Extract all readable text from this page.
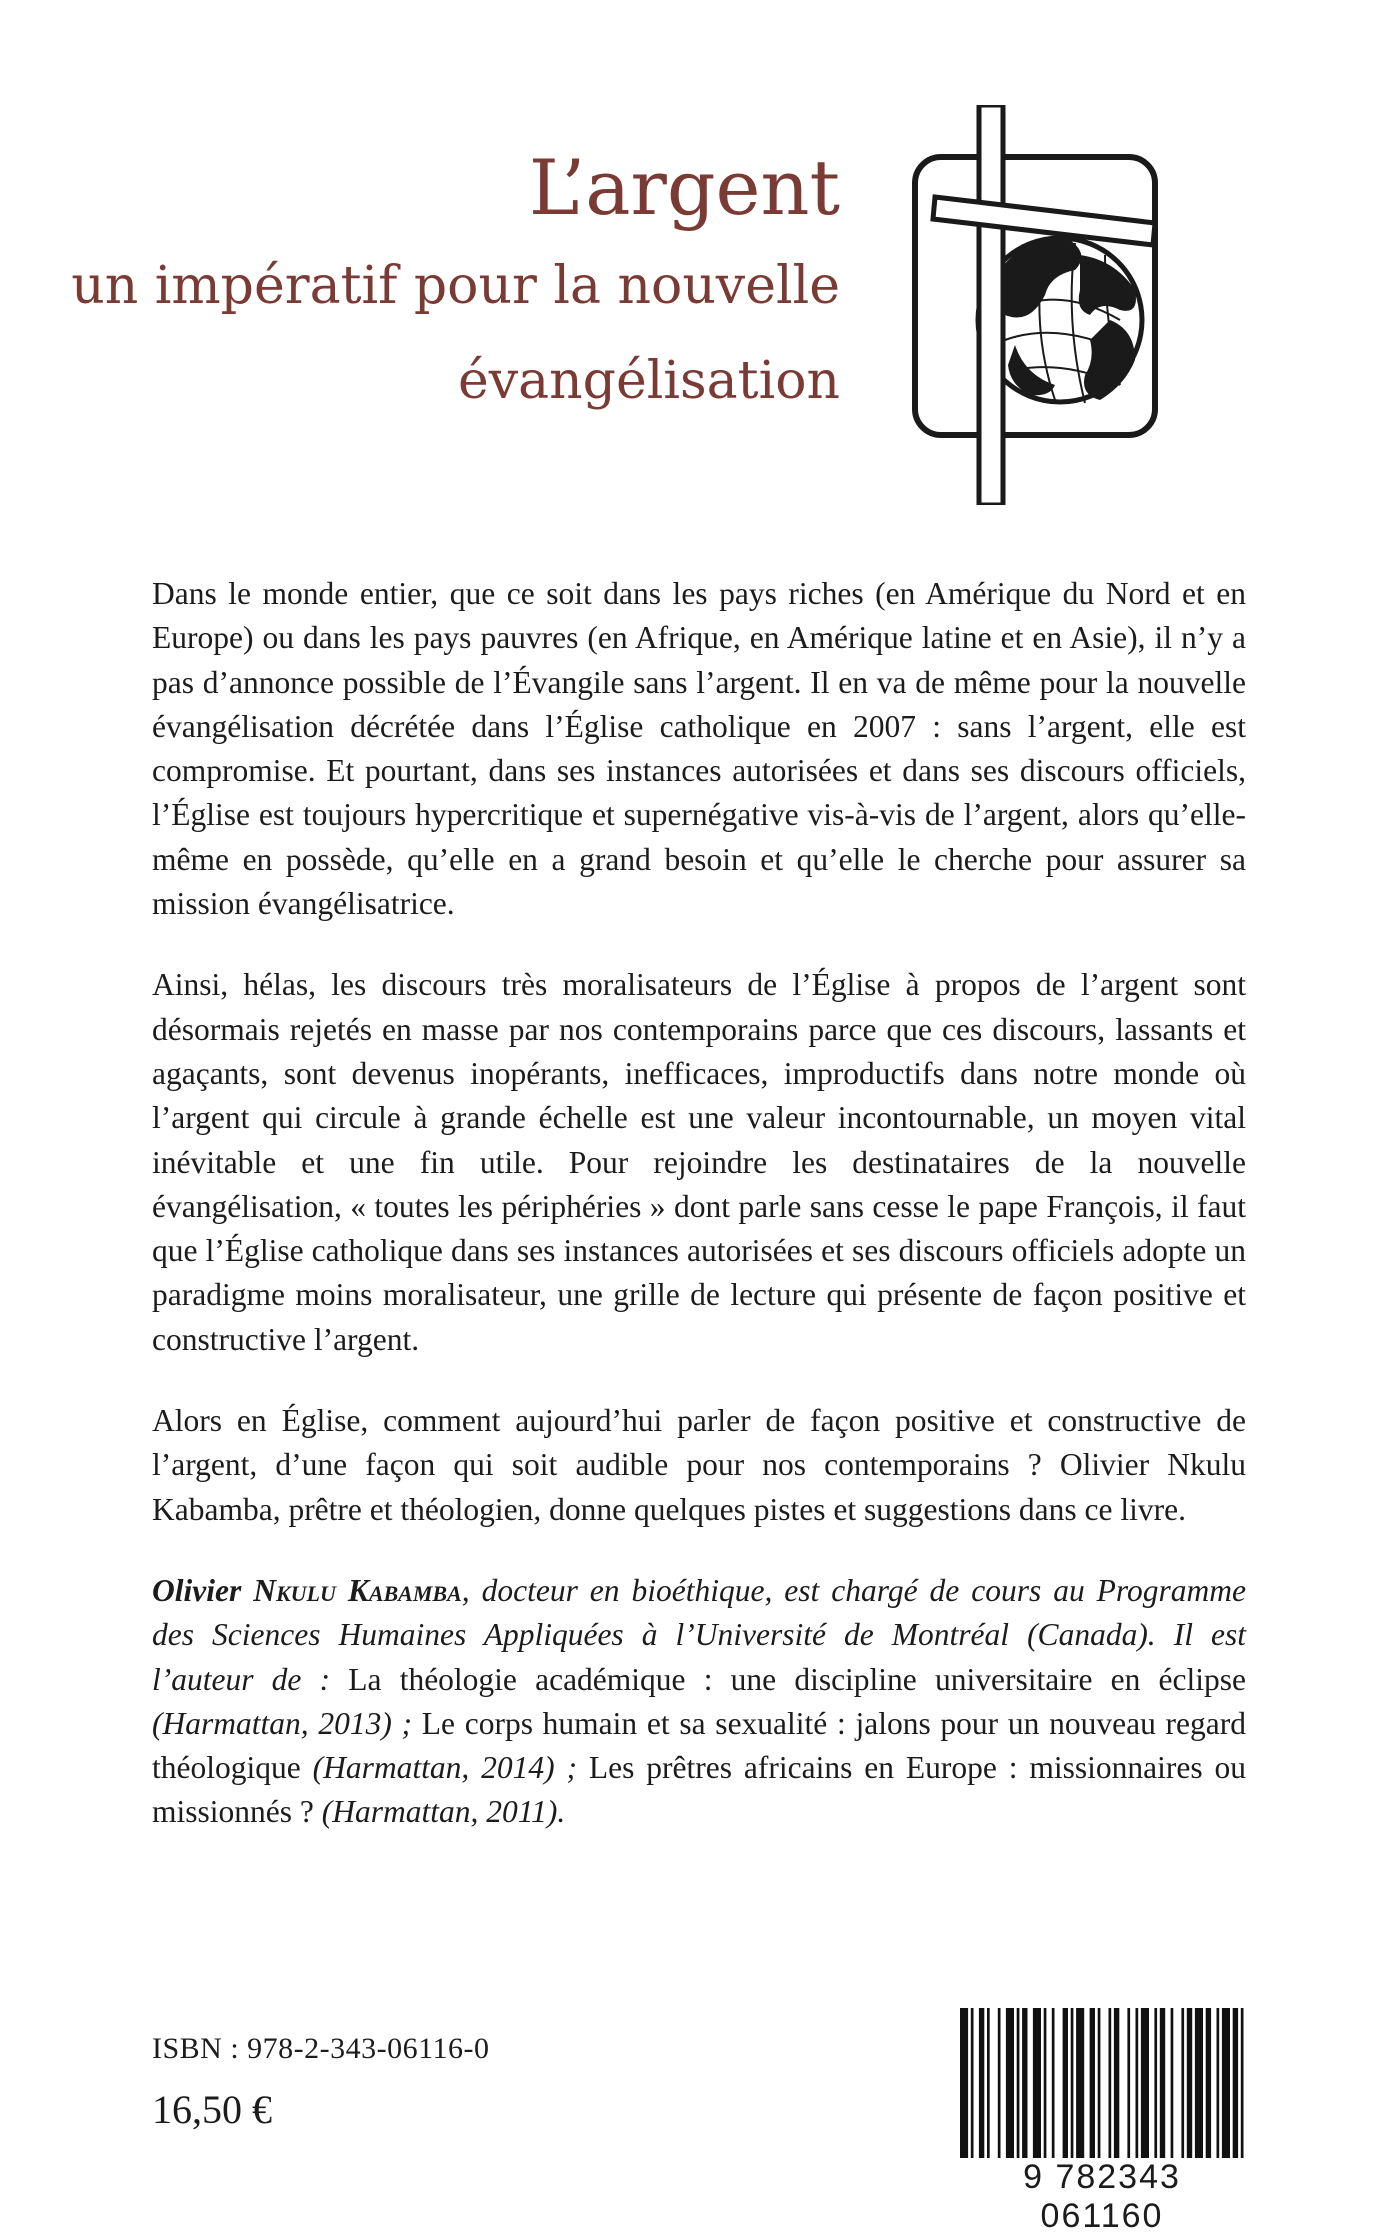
L’argent
un impératif pour la nouvelle
évangélisation

Dans le monde entier, que ce soit dans les pays riches (en Amérique du Nord et en Europe) ou dans les pays pauvres (en Afrique, en Amérique latine et en Asie), il n’y a pas d’annonce possible de l’Évangile sans l’argent. Il en va de même pour la nouvelle évangélisation décrétée dans l’Église catholique en 2007 : sans l’argent, elle est compromise. Et pourtant, dans ses instances autorisées et dans ses discours officiels, l’Église est toujours hypercritique et supernégative vis-à-vis de l’argent, alors qu’elle-même en possède, qu’elle en a grand besoin et qu’elle le cherche pour assurer sa mission évangélisatrice.

Ainsi, hélas, les discours très moralisateurs de l’Église à propos de l’argent sont désormais rejetés en masse par nos contemporains parce que ces discours, lassants et agaçants, sont devenus inopérants, inefficaces, improductifs dans notre monde où l’argent qui circule à grande échelle est une valeur incontournable, un moyen vital inévitable et une fin utile. Pour rejoindre les destinataires de la nouvelle évangélisation, « toutes les périphéries » dont parle sans cesse le pape François, il faut que l’Église catholique dans ses instances autorisées et ses discours officiels adopte un paradigme moins moralisateur, une grille de lecture qui présente de façon positive et constructive l’argent.

Alors en Église, comment aujourd’hui parler de façon positive et constructive de l’argent, d’une façon qui soit audible pour nos contemporains ? Olivier Nkulu Kabamba, prêtre et théologien, donne quelques pistes et suggestions dans ce livre.

Olivier Nkulu Kabamba, docteur en bioéthique, est chargé de cours au Programme des Sciences Humaines Appliquées à l’Université de Montréal (Canada). Il est l’auteur de : La théologie académique : une discipline universitaire en éclipse (Harmattan, 2013) ; Le corps humain et sa sexualité : jalons pour un nouveau regard théologique (Harmattan, 2014) ; Les prêtres africains en Europe : missionnaires ou missionnés ? (Harmattan, 2011).

ISBN : 978-2-343-06116-0
16,50 €
9 782343 061160
